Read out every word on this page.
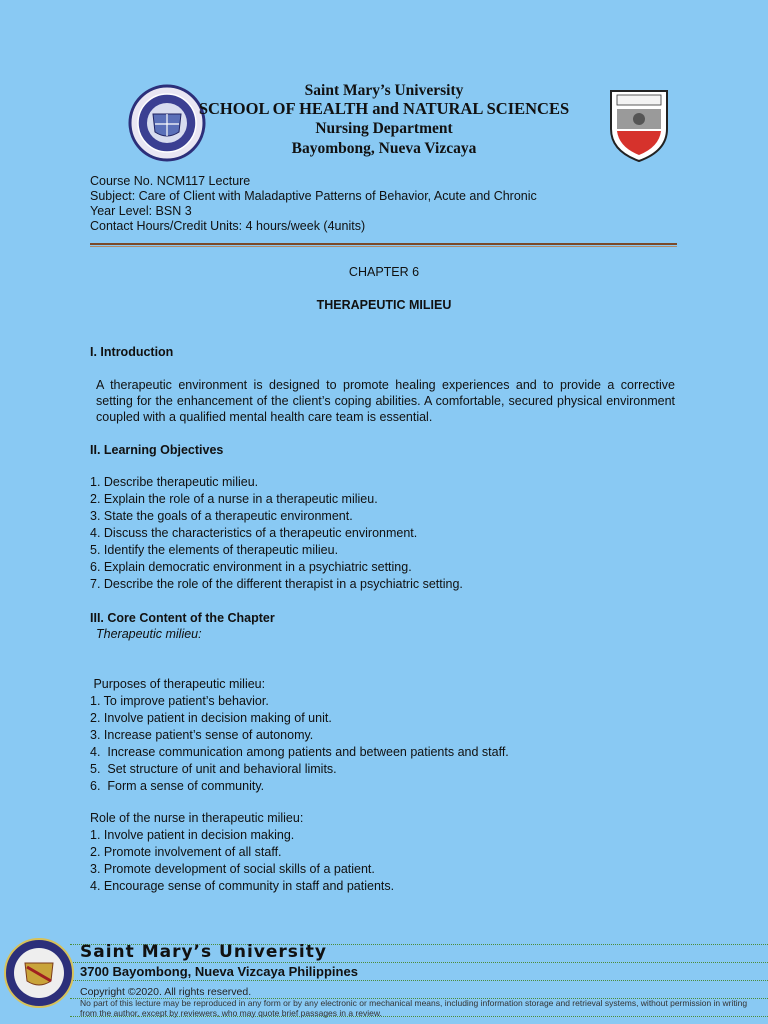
Saint Mary’s University
SCHOOL OF HEALTH and NATURAL SCIENCES
Nursing Department
Bayombong, Nueva Vizcaya
Course No. NCM117 Lecture
Subject: Care of Client with Maladaptive Patterns of Behavior, Acute and Chronic
Year Level: BSN 3
Contact Hours/Credit Units: 4 hours/week (4units)
CHAPTER 6
THERAPEUTIC MILIEU
I. Introduction
A therapeutic environment is designed to promote healing experiences and to provide a corrective setting for the enhancement of the client’s coping abilities. A comfortable, secured physical environment coupled with a qualified mental health care team is essential.
II. Learning Objectives
1. Describe therapeutic milieu.
2. Explain the role of a nurse in a therapeutic milieu.
3. State the goals of a therapeutic environment.
4. Discuss the characteristics of a therapeutic environment.
5. Identify the elements of therapeutic milieu.
6. Explain democratic environment in a psychiatric setting.
7. Describe the role of the different therapist in a psychiatric setting.
III. Core Content of the Chapter
Therapeutic milieu:
Purposes of therapeutic milieu:
1. To improve patient’s behavior.
2. Involve patient in decision making of unit.
3. Increase patient’s sense of autonomy.
4.  Increase communication among patients and between patients and staff.
5.  Set structure of unit and behavioral limits.
6.  Form a sense of community.
Role of the nurse in therapeutic milieu:
1. Involve patient in decision making.
2. Promote involvement of all staff.
3. Promote development of social skills of a patient.
4. Encourage sense of community in staff and patients.
Saint Mary’s University
3700 Bayombong, Nueva Vizcaya Philippines
Copyright ©2020. All rights reserved.
No part of this lecture may be reproduced in any form or by any electronic or mechanical means, including information storage and retrieval systems, without permission in writing from the author, except by reviewers, who may quote brief passages in a review.
